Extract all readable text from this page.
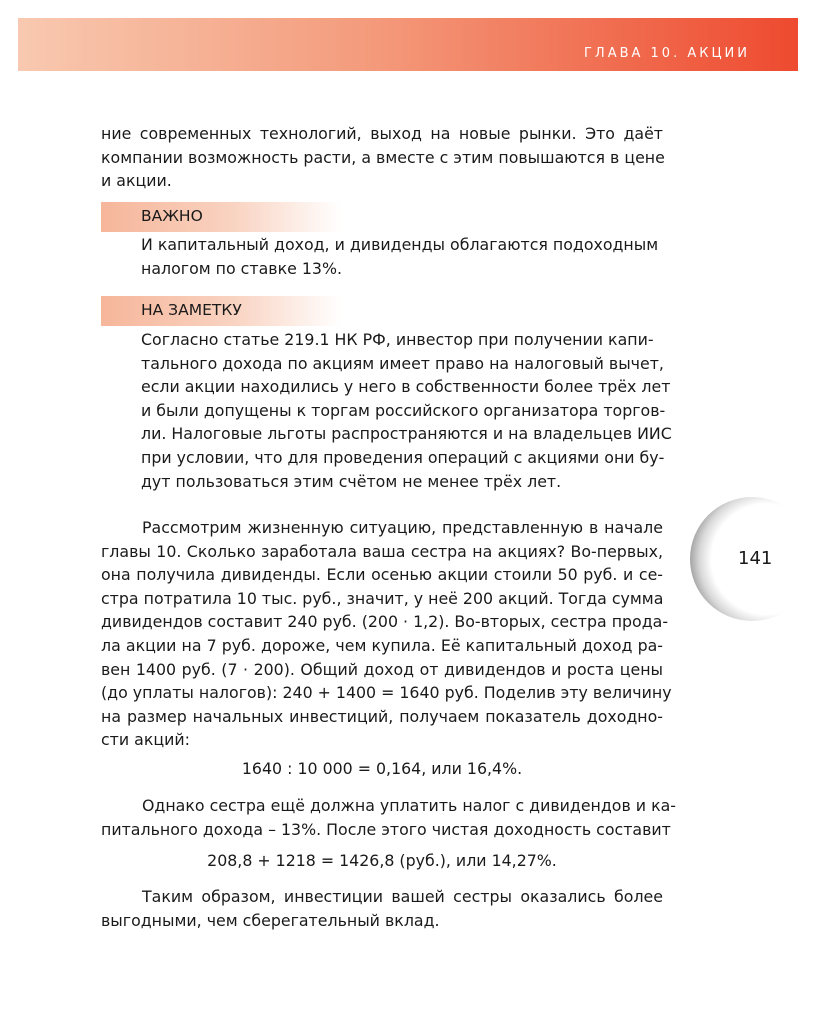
ГЛАВА 10. АКЦИИ

ние современных технологий, выход на новые рынки. Это даёт
компании возможность расти, а вместе с этим повышаются в цене
и акции.

ВАЖНО

И капитальный доход, и дивиденды облагаются подоходным
налогом по ставке 13%.

НА ЗАМЕТКУ

Согласно статье 219.1 НК РФ, инвестор при получении капи-
тального дохода по акциям имеет право на налоговый вычет,
если акции находились у него в собственности более трёх лет
и были допущены к торгам российского организатора торгов-
ли. Налоговые льготы распространяются и на владельцев ИИС
при условии, что для проведения операций с акциями они бу-
дут пользоваться этим счётом не менее трёх лет.

Рассмотрим жизненную ситуацию, представленную в начале
главы 10. Сколько заработала ваша сестра на акциях? Во-первых,
она получила дивиденды. Если осенью акции стоили 50 руб. и се-
стра потратила 10 тыс. руб., значит, у неё 200 акций. Тогда сумма
дивидендов составит 240 руб. (200 · 1,2). Во-вторых, сестра прода-
ла акции на 7 руб. дороже, чем купила. Её капитальный доход ра-
вен 1400 руб. (7 · 200). Общий доход от дивидендов и роста цены
(до уплаты налогов): 240 + 1400 = 1640 руб. Поделив эту величину
на размер начальных инвестиций, получаем показатель доходно-
сти акций:

1640 : 10 000 = 0,164, или 16,4%.

Однако сестра ещё должна уплатить налог с дивидендов и ка-
питального дохода – 13%. После этого чистая доходность составит

208,8 + 1218 = 1426,8 (руб.), или 14,27%.

Таким образом, инвестиции вашей сестры оказались более
выгодными, чем сберегательный вклад.

141
